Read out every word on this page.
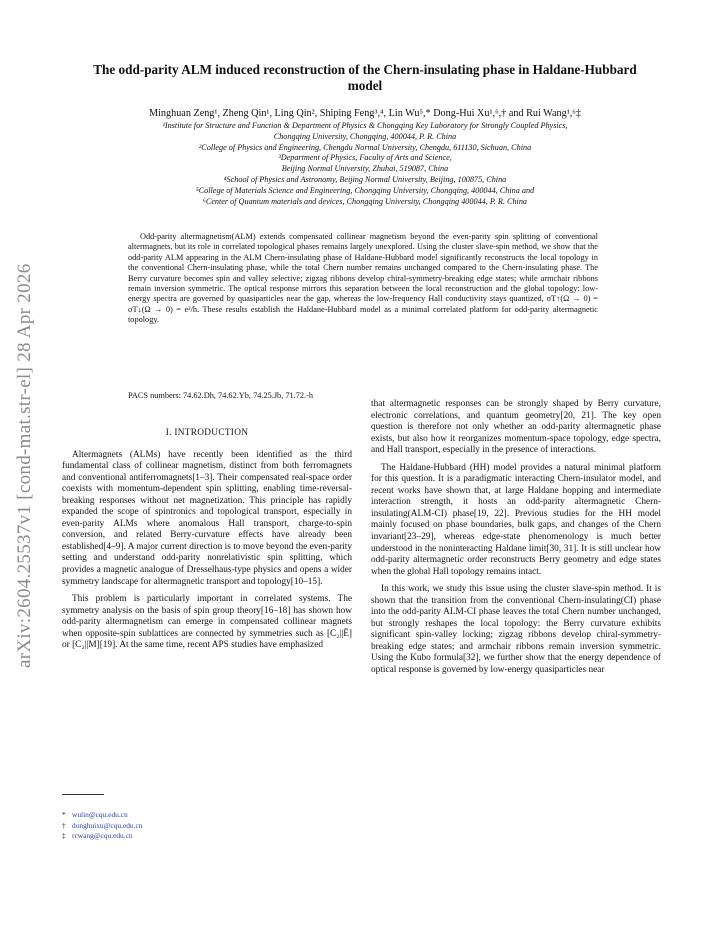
arXiv:2604.25537v1 [cond-mat.str-el] 28 Apr 2026
The odd-parity ALM induced reconstruction of the Chern-insulating phase in Haldane-Hubbard model
Minghuan Zeng¹, Zheng Qin¹, Ling Qin², Shiping Feng³,⁴, Lin Wu⁵,* Dong-Hui Xu¹,⁶,† and Rui Wang¹,⁶‡
¹Institute for Structure and Function & Department of Physics & Chongqing Key Laboratory for Strongly Coupled Physics,
Chongqing University, Chongqing, 400044, P. R. China
²College of Physics and Engineering, Chengdu Normal University, Chengdu, 611130, Sichuan, China
³Department of Physics, Faculty of Arts and Science,
Beijing Normal University, Zhuhai, 519087, China
⁴School of Physics and Astronomy, Beijing Normal University, Beijing, 100875, China
⁵College of Materials Science and Engineering, Chongqing University, Chongqing, 400044, China and
⁶Center of Quantum materials and devices, Chongqing University, Chongqing 400044, P. R. China
Odd-parity altermagnetism(ALM) extends compensated collinear magnetism beyond the even-parity spin splitting of conventional altermagnets, but its role in correlated topological phases remains largely unexplored. Using the cluster slave-spin method, we show that the odd-parity ALM appearing in the ALM Chern-insulating phase of Haldane-Hubbard model significantly reconstructs the local topology in the conventional Chern-insulating phase, while the total Chern number remains unchanged compared to the Chern-insulating phase. The Berry curvature becomes spin and valley selective; zigzag ribbons develop chiral-symmetry-breaking edge states; while armchair ribbons remain inversion symmetric. The optical response mirrors this separation between the local reconstruction and the global topology: low-energy spectra are governed by quasiparticles near the gap, whereas the low-frequency Hall conductivity stays quantized, σT↑(Ω → 0) = σT↓(Ω → 0) = e²/h. These results establish the Haldane-Hubbard model as a minimal correlated platform for odd-parity altermagnetic topology.
PACS numbers: 74.62.Dh, 74.62.Yb, 74.25.Jb, 71.72.-h
I. INTRODUCTION

Altermagnets (ALMs) have recently been identified as the third fundamental class of collinear magnetism, distinct from both ferromagnets and conventional antiferromagnets[1–3]. Their compensated real-space order coexists with momentum-dependent spin splitting, enabling time-reversal-breaking responses without net magnetization. This principle has rapidly expanded the scope of spintronics and topological transport, especially in even-parity ALMs where anomalous Hall transport, charge-to-spin conversion, and related Berry-curvature effects have already been established[4–9]. A major current direction is to move beyond the even-parity setting and understand odd-parity nonrelativistic spin splitting, which provides a magnetic analogue of Dresselhaus-type physics and opens a wider symmetry landscape for altermagnetic transport and topology[10–15].

This problem is particularly important in correlated systems. The symmetry analysis on the basis of spin group theory[16–18] has shown how odd-parity altermagnetism can emerge in compensated collinear magnets when opposite-spin sublattices are connected by symmetries such as [C₂||Ē] or [C₂||M][19]. At the same time, recent APS studies have emphasized

that altermagnetic responses can be strongly shaped by Berry curvature, electronic correlations, and quantum geometry[20, 21]. The key open question is therefore not only whether an odd-parity altermagnetic phase exists, but also how it reorganizes momentum-space topology, edge spectra, and Hall transport, especially in the presence of interactions.

The Haldane-Hubbard (HH) model provides a natural minimal platform for this question. It is a paradigmatic interacting Chern-insulator model, and recent works have shown that, at large Haldane hopping and intermediate interaction strength, it hosts an odd-parity altermagnetic Chern-insulating(ALM-CI) phase[19, 22]. Previous studies for the HH model mainly focused on phase boundaries, bulk gaps, and changes of the Chern invariant[23–29], whereas edge-state phenomenology is much better understood in the noninteracting Haldane limit[30, 31]. It is still unclear how odd-parity altermagnetic order reconstructs Berry geometry and edge states when the global Hall topology remains intact.

In this work, we study this issue using the cluster slave-spin method. It is shown that the transition from the conventional Chern-insulating(CI) phase into the odd-parity ALM-CI phase leaves the total Chern number unchanged, but strongly reshapes the local topology: the Berry curvature exhibits significant spin-valley locking; zigzag ribbons develop chiral-symmetry-breaking edge states; and armchair ribbons remain inversion symmetric. Using the Kubo formula[32], we further show that the energy dependence of optical response is governed by low-energy quasiparticles near

* wulin@cqu.edu.cn
† donghuixu@cqu.edu.cn
‡ rcwang@cqu.edu.cn
